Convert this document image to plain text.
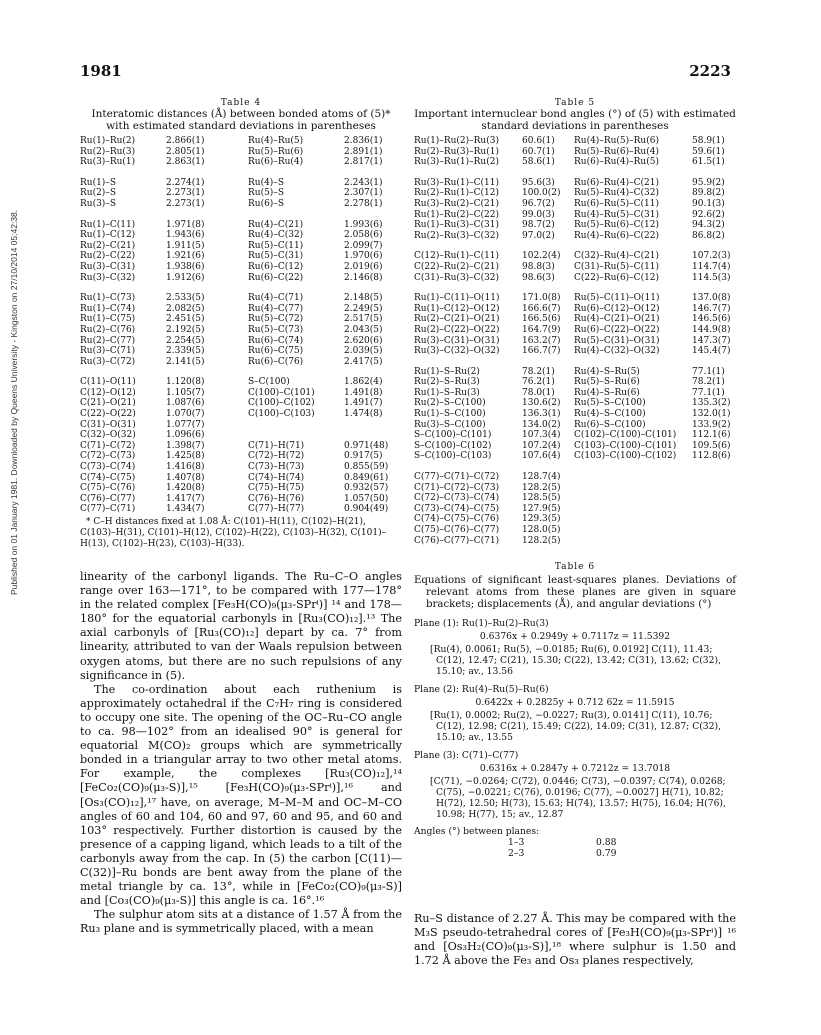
1981	2223
Published on 01 January 1981. Downloaded by Queens University - Kingston on 27/10/2014 05:42:38.
Table 4
Interatomic distances (Å) between bonded atoms of (5)* with estimated standard deviations in parentheses
Ru(1)–Ru(2)	2.866(1)	Ru(4)–Ru(5)	2.836(1)
Ru(2)–Ru(3)	2.805(1)	Ru(5)–Ru(6)	2.891(1)
Ru(3)–Ru(1)	2.863(1)	Ru(6)–Ru(4)	2.817(1)
Ru(1)–S	2.274(1)	Ru(4)–S	2.243(1)
Ru(2)–S	2.273(1)	Ru(5)–S	2.307(1)
Ru(3)–S	2.273(1)	Ru(6)–S	2.278(1)
Ru(1)–C(11)	1.971(8)	Ru(4)–C(21)	1.993(6)
Ru(1)–C(12)	1.943(6)	Ru(4)–C(32)	2.058(6)
Ru(2)–C(21)	1.911(5)	Ru(5)–C(11)	2.099(7)
Ru(2)–C(22)	1.921(6)	Ru(5)–C(31)	1.970(6)
Ru(3)–C(31)	1.938(6)	Ru(6)–C(12)	2.019(6)
Ru(3)–C(32)	1.912(6)	Ru(6)–C(22)	2.146(8)
Ru(1)–C(73)	2.533(5)	Ru(4)–C(71)	2.148(5)
Ru(1)–C(74)	2.082(5)	Ru(4)–C(77)	2.249(5)
Ru(1)–C(75)	2.451(5)	Ru(5)–C(72)	2.517(5)
Ru(2)–C(76)	2.192(5)	Ru(5)–C(73)	2.043(5)
Ru(2)–C(77)	2.254(5)	Ru(6)–C(74)	2.620(6)
Ru(3)–C(71)	2.339(5)	Ru(6)–C(75)	2.039(5)
Ru(3)–C(72)	2.141(5)	Ru(6)–C(76)	2.417(5)
C(11)–O(11)	1.120(8)	S–C(100)	1.862(4)
C(12)–O(12)	1.105(7)	C(100)–C(101)	1.491(8)
C(21)–O(21)	1.087(6)	C(100)–C(102)	1.491(7)
C(22)–O(22)	1.070(7)	C(100)–C(103)	1.474(8)
C(31)–O(31)	1.077(7)
C(32)–O(32)	1.096(6)
C(71)–C(72)	1.398(7)	C(71)–H(71)	0.971(48)
C(72)–C(73)	1.425(8)	C(72)–H(72)	0.917(5)
C(73)–C(74)	1.416(8)	C(73)–H(73)	0.855(59)
C(74)–C(75)	1.407(8)	C(74)–H(74)	0.849(61)
C(75)–C(76)	1.420(8)	C(75)–H(75)	0.932(57)
C(76)–C(77)	1.417(7)	C(76)–H(76)	1.057(50)
C(77)–C(71)	1.434(7)	C(77)–H(77)	0.904(49)
* C–H distances fixed at 1.08 Å: C(101)–H(11), C(102)–H(21), C(103)–H(31), C(101)–H(12), C(102)–H(22), C(103)–H(32), C(101)–H(13), C(102)–H(23), C(103)–H(33).
Table 5
Important internuclear bond angles (°) of (5) with estimated standard deviations in parentheses
Ru(1)–Ru(2)–Ru(3)	60.6(1)	Ru(4)–Ru(5)–Ru(6)	58.9(1)
Ru(2)–Ru(3)–Ru(1)	60.7(1)	Ru(5)–Ru(6)–Ru(4)	59.6(1)
Ru(3)–Ru(1)–Ru(2)	58.6(1)	Ru(6)–Ru(4)–Ru(5)	61.5(1)
Ru(3)–Ru(1)–C(11)	95.6(3)	Ru(6)–Ru(4)–C(21)	95.9(2)
Ru(2)–Ru(1)–C(12)	100.0(2)	Ru(5)–Ru(4)–C(32)	89.8(2)
Ru(3)–Ru(2)–C(21)	96.7(2)	Ru(6)–Ru(5)–C(11)	90.1(3)
Ru(1)–Ru(2)–C(22)	99.0(3)	Ru(4)–Ru(5)–C(31)	92.6(2)
Ru(1)–Ru(3)–C(31)	98.7(2)	Ru(5)–Ru(6)–C(12)	94.3(2)
Ru(2)–Ru(3)–C(32)	97.0(2)	Ru(4)–Ru(6)–C(22)	86.8(2)
C(12)–Ru(1)–C(11)	102.2(4)	C(32)–Ru(4)–C(21)	107.2(3)
C(22)–Ru(2)–C(21)	98.8(3)	C(31)–Ru(5)–C(11)	114.7(4)
C(31)–Ru(3)–C(32)	98.6(3)	C(22)–Ru(6)–C(12)	114.5(3)
Ru(1)–C(11)–O(11)	171.0(8)	Ru(5)–C(11)–O(11)	137.0(8)
Ru(1)–C(12)–O(12)	166.6(7)	Ru(6)–C(12)–O(12)	146.7(7)
Ru(2)–C(21)–O(21)	166.5(6)	Ru(4)–C(21)–O(21)	146.5(6)
Ru(2)–C(22)–O(22)	164.7(9)	Ru(6)–C(22)–O(22)	144.9(8)
Ru(3)–C(31)–O(31)	163.2(7)	Ru(5)–C(31)–O(31)	147.3(7)
Ru(3)–C(32)–O(32)	166.7(7)	Ru(4)–C(32)–O(32)	145.4(7)
Ru(1)–S–Ru(2)	78.2(1)	Ru(4)–S–Ru(5)	77.1(1)
Ru(2)–S–Ru(3)	76.2(1)	Ru(5)–S–Ru(6)	78.2(1)
Ru(1)–S–Ru(3)	78.0(1)	Ru(4)–S–Ru(6)	77.1(1)
Ru(2)–S–C(100)	130.6(2)	Ru(5)–S–C(100)	135.3(2)
Ru(1)–S–C(100)	136.3(1)	Ru(4)–S–C(100)	132.0(1)
Ru(3)–S–C(100)	134.0(2)	Ru(6)–S–C(100)	133.9(2)
S–C(100)–C(101)	107.3(4)	C(102)–C(100)–C(101)	112.1(6)
S–C(100)–C(102)	107.2(4)	C(103)–C(100)–C(101)	109.5(6)
S–C(100)–C(103)	107.6(4)	C(103)–C(100)–C(102)	112.8(6)
C(77)–C(71)–C(72)	128.7(4)
C(71)–C(72)–C(73)	128.2(5)
C(72)–C(73)–C(74)	128.5(5)
C(73)–C(74)–C(75)	127.9(5)
C(74)–C(75)–C(76)	129.3(5)
C(75)–C(76)–C(77)	128.0(5)
C(76)–C(77)–C(71)	128.2(5)
linearity of the carbonyl ligands. The Ru–C–O angles range over 163—171°, to be compared with 177—178° in the related complex [Fe₃H(CO)₉(μ₃-SPrⁱ)] ¹⁴ and 178—180° for the equatorial carbonyls in [Ru₃(CO)₁₂].¹³ The axial carbonyls of [Ru₃(CO)₁₂] depart by ca. 7° from linearity, attributed to van der Waals repulsion between oxygen atoms, but there are no such repulsions of any significance in (5).
The co-ordination about each ruthenium is approximately octahedral if the C₇H₇ ring is considered to occupy one site. The opening of the OC–Ru–CO angle to ca. 98—102° from an idealised 90° is general for equatorial M(CO)₂ groups which are symmetrically bonded in a triangular array to two other metal atoms. For example, the complexes [Ru₃(CO)₁₂],¹⁴ [FeCo₂(CO)₉(μ₃-S)],¹⁵ [Fe₃H(CO)₉(μ₃-SPrⁱ)],¹⁶ and [Os₃(CO)₁₂],¹⁷ have, on average, M–M–M and OC–M–CO angles of 60 and 104, 60 and 97, 60 and 95, and 60 and 103° respectively. Further distortion is caused by the presence of a capping ligand, which leads to a tilt of the carbonyls away from the cap. In (5) the carbon [C(11)—C(32)]–Ru bonds are bent away from the plane of the metal triangle by ca. 13°, while in [FeCo₂(CO)₉(μ₃-S)] and [Co₃(CO)₉(μ₃-S)] this angle is ca. 16°.¹⁶
The sulphur atom sits at a distance of 1.57 Å from the Ru₃ plane and is symmetrically placed, with a mean
Table 6
Equations of significant least-squares planes. Deviations of relevant atoms from these planes are given in square brackets; displacements (Å), and angular deviations (°)
Plane (1): Ru(1)–Ru(2)–Ru(3)
0.6376x + 0.2949y + 0.7117z = 11.5392
[Ru(4), 0.0061; Ru(5), −0.0185; Ru(6), 0.0192] C(11), 11.43; C(12), 12.47; C(21), 15.30; C(22), 13.42; C(31), 13.62; C(32), 15.10; av., 13.56
Plane (2): Ru(4)–Ru(5)–Ru(6)
0.6422x + 0.2825y + 0.712 62z = 11.5915
[Ru(1), 0.0002; Ru(2), −0.0227; Ru(3), 0.0141] C(11), 10.76; C(12), 12.98; C(21), 15.49; C(22), 14.09; C(31), 12.87; C(32), 15.10; av., 13.55
Plane (3): C(71)–C(77)
0.6316x + 0.2847y + 0.7212z = 13.7018
[C(71), −0.0264; C(72), 0.0446; C(73), −0.0397; C(74), 0.0268; C(75), −0.0221; C(76), 0.0196; C(77), −0.0027] H(71), 10.82; H(72), 12.50; H(73), 15.63; H(74), 13.57; H(75), 16.04; H(76), 10.98; H(77), 15; av., 12.87
Angles (°) between planes:
1–3	0.88
2–3	0.79
Ru–S distance of 2.27 Å. This may be compared with the M₃S pseudo-tetrahedral cores of [Fe₃H(CO)₉(μ₃-SPrⁱ)] ¹⁶ and [Os₃H₂(CO)₉(μ₃-S)],¹⁸ where sulphur is 1.50 and 1.72 Å above the Fe₃ and Os₃ planes respectively,
